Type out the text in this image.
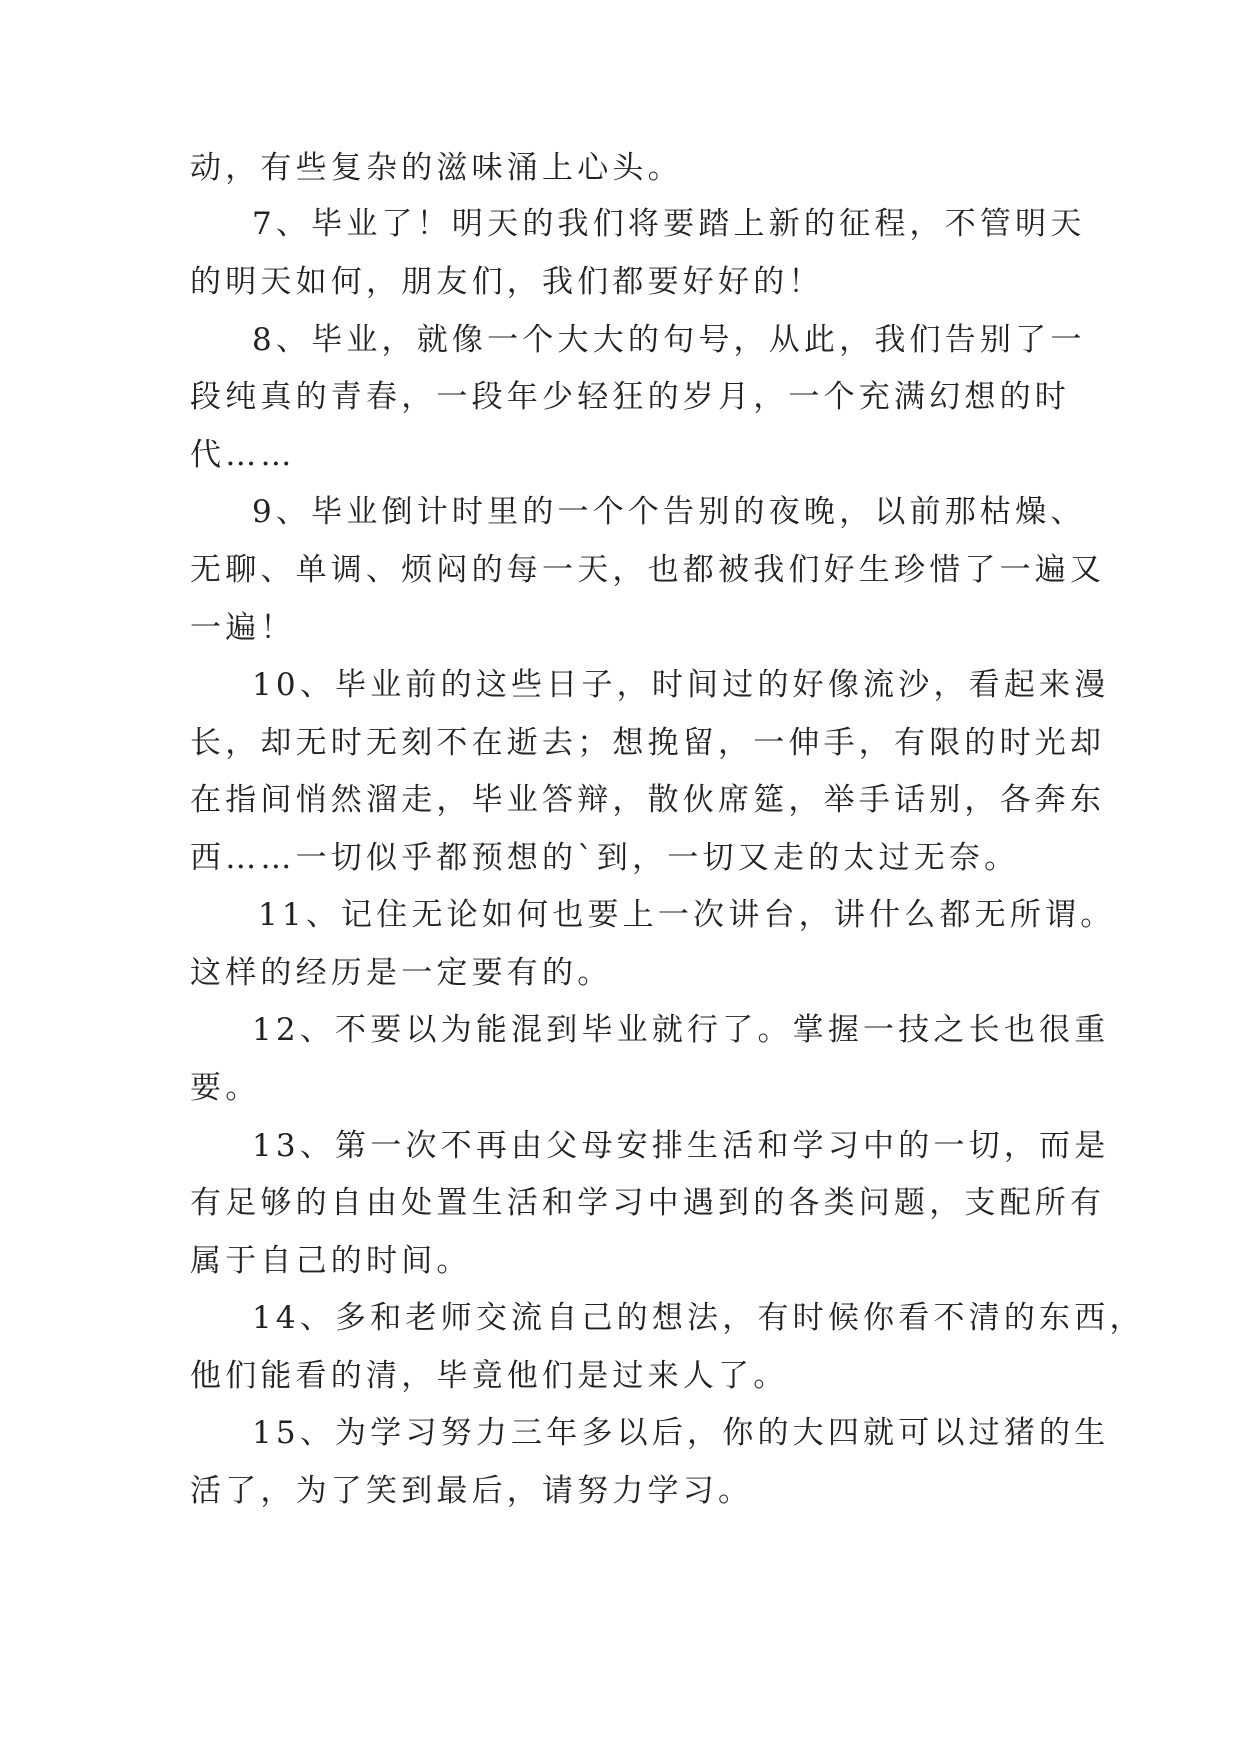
动，有些复杂的滋味涌上心头。
7、毕业了！明天的我们将要踏上新的征程，不管明天
的明天如何，朋友们，我们都要好好的！
8、毕业，就像一个大大的句号，从此，我们告别了一
段纯真的青春，一段年少轻狂的岁月，一个充满幻想的时
代……
9、毕业倒计时里的一个个告别的夜晚，以前那枯燥、
无聊、单调、烦闷的每一天，也都被我们好生珍惜了一遍又
一遍！
10、毕业前的这些日子，时间过的好像流沙，看起来漫
长，却无时无刻不在逝去；想挽留，一伸手，有限的时光却
在指间悄然溜走，毕业答辩，散伙席筵，举手话别，各奔东
西……一切似乎都预想的`到，一切又走的太过无奈。
11、记住无论如何也要上一次讲台，讲什么都无所谓。
这样的经历是一定要有的。
12、不要以为能混到毕业就行了。掌握一技之长也很重
要。
13、第一次不再由父母安排生活和学习中的一切，而是
有足够的自由处置生活和学习中遇到的各类问题，支配所有
属于自己的时间。
14、多和老师交流自己的想法，有时候你看不清的东西，
他们能看的清，毕竟他们是过来人了。
15、为学习努力三年多以后，你的大四就可以过猪的生
活了，为了笑到最后，请努力学习。
